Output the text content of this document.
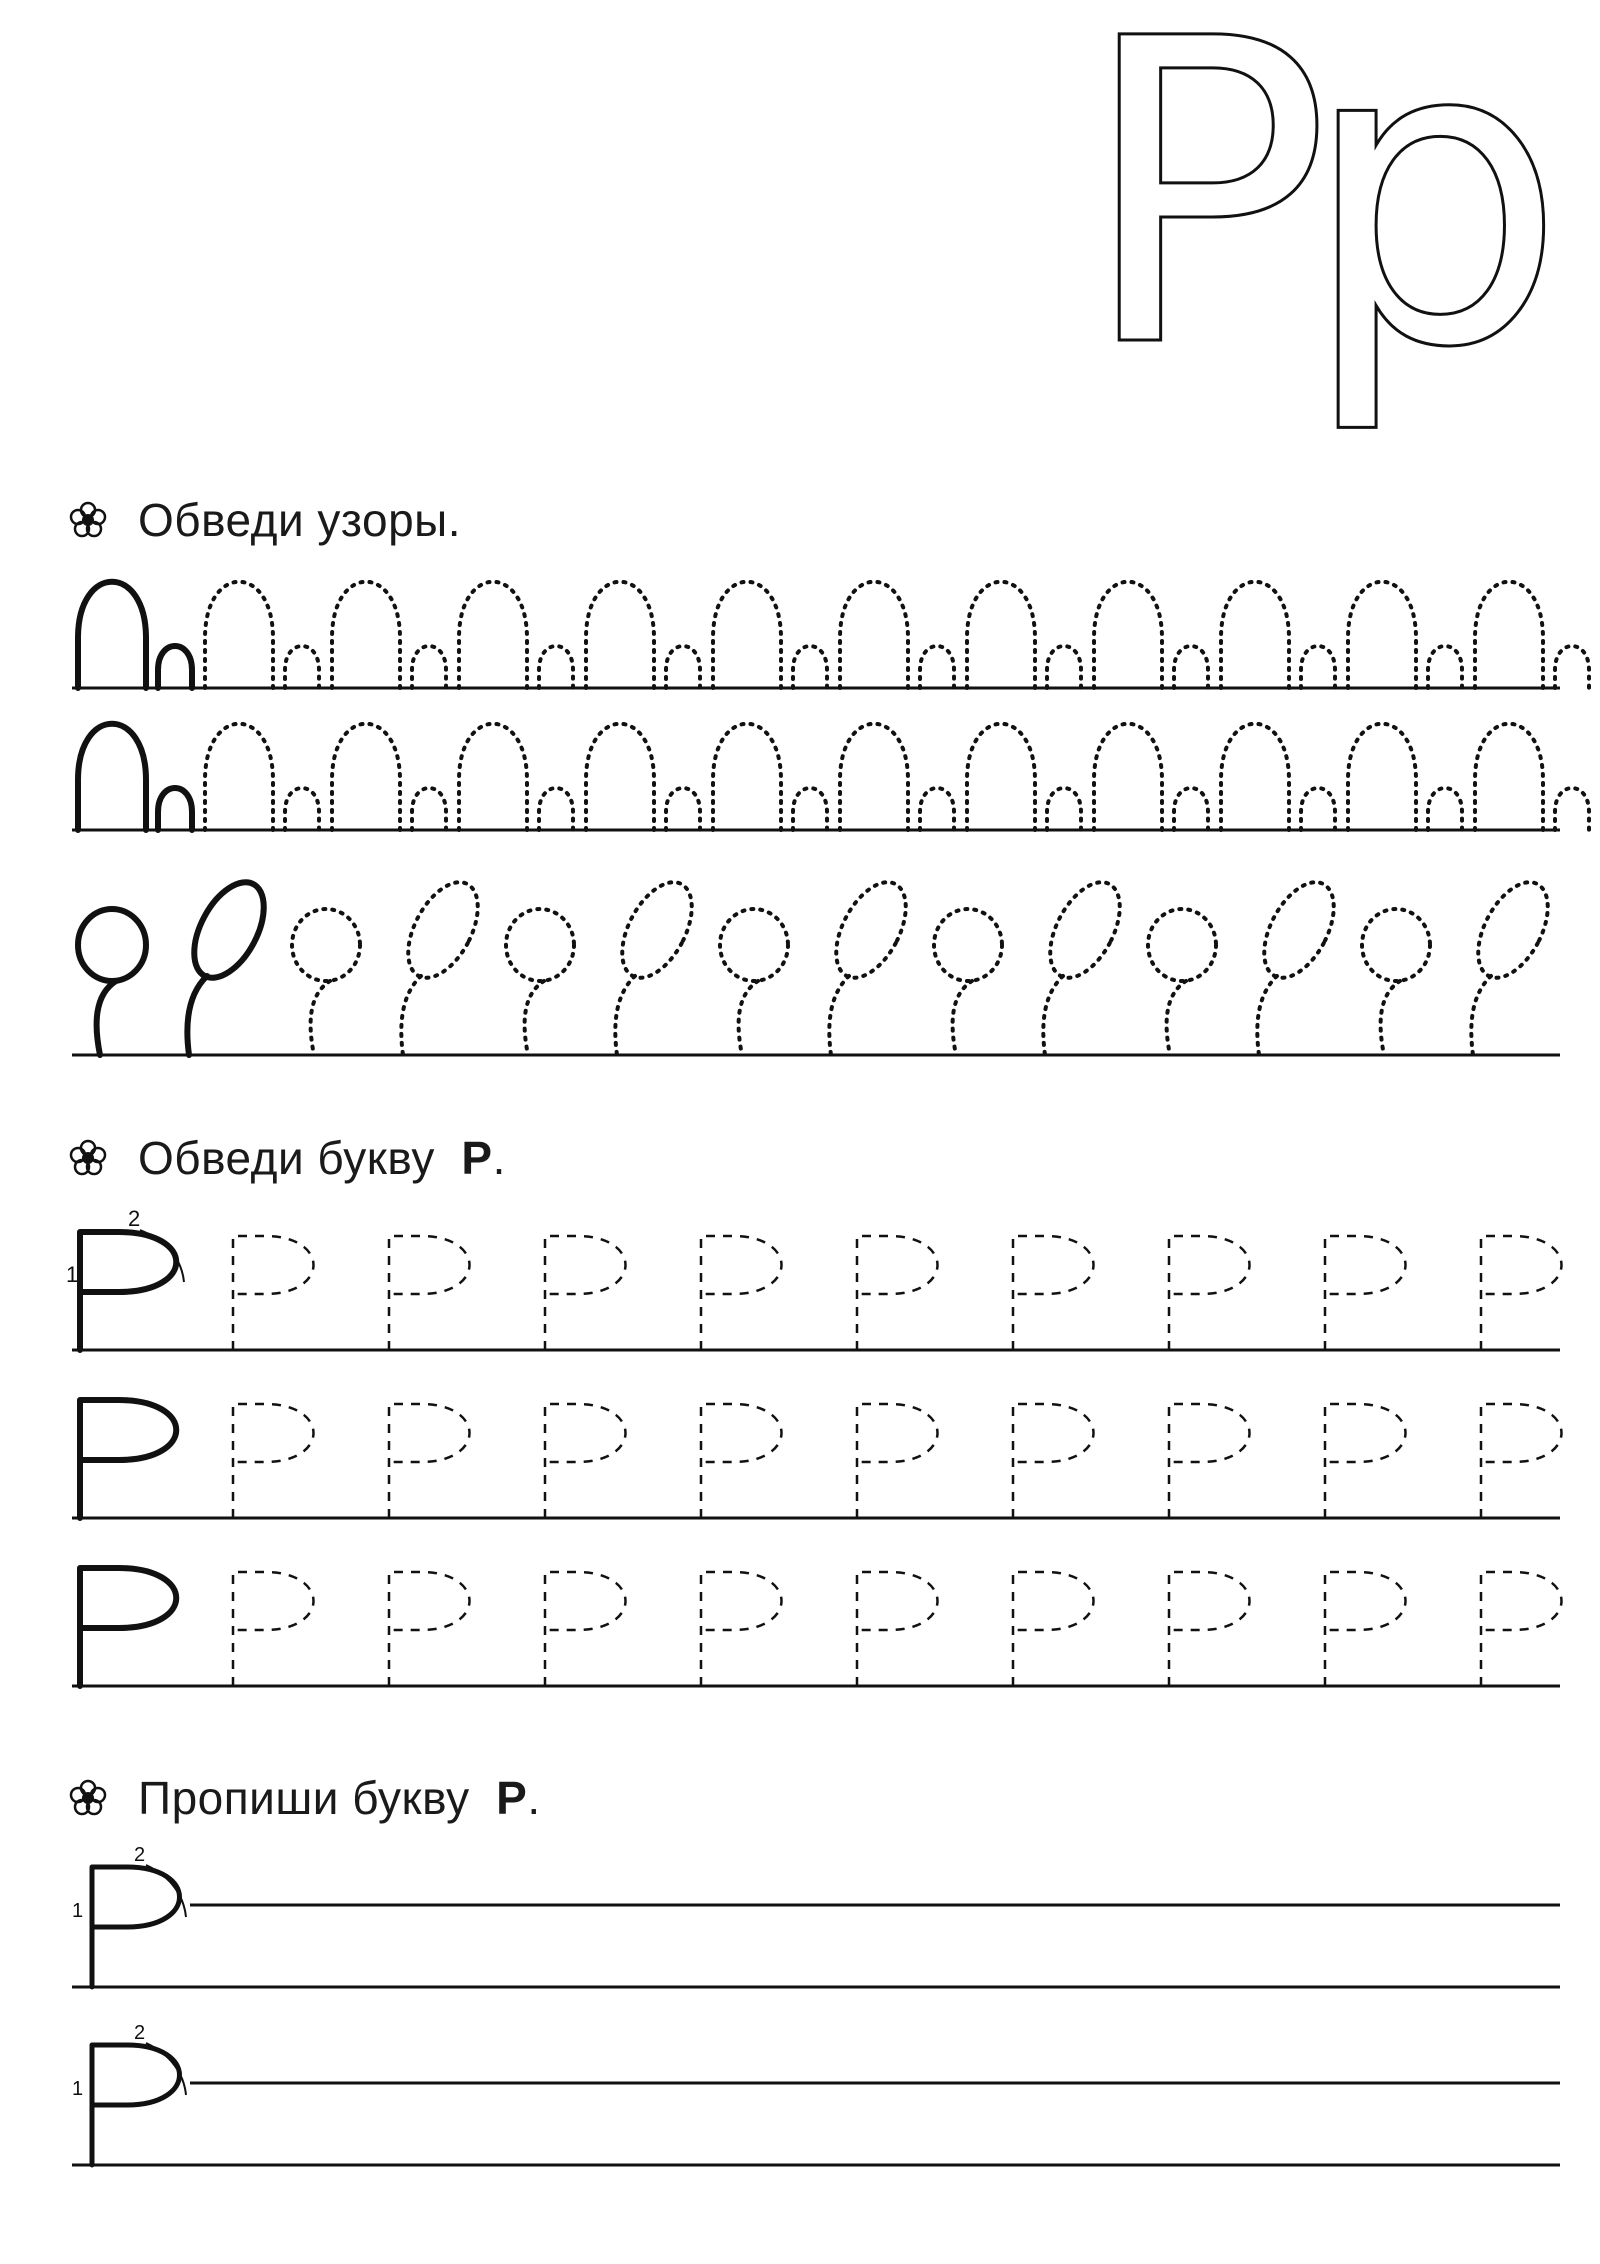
Р
р
1
2
1
2
1
2
Обведи узоры.
Обведи букву Р.
Пропиши букву Р.
